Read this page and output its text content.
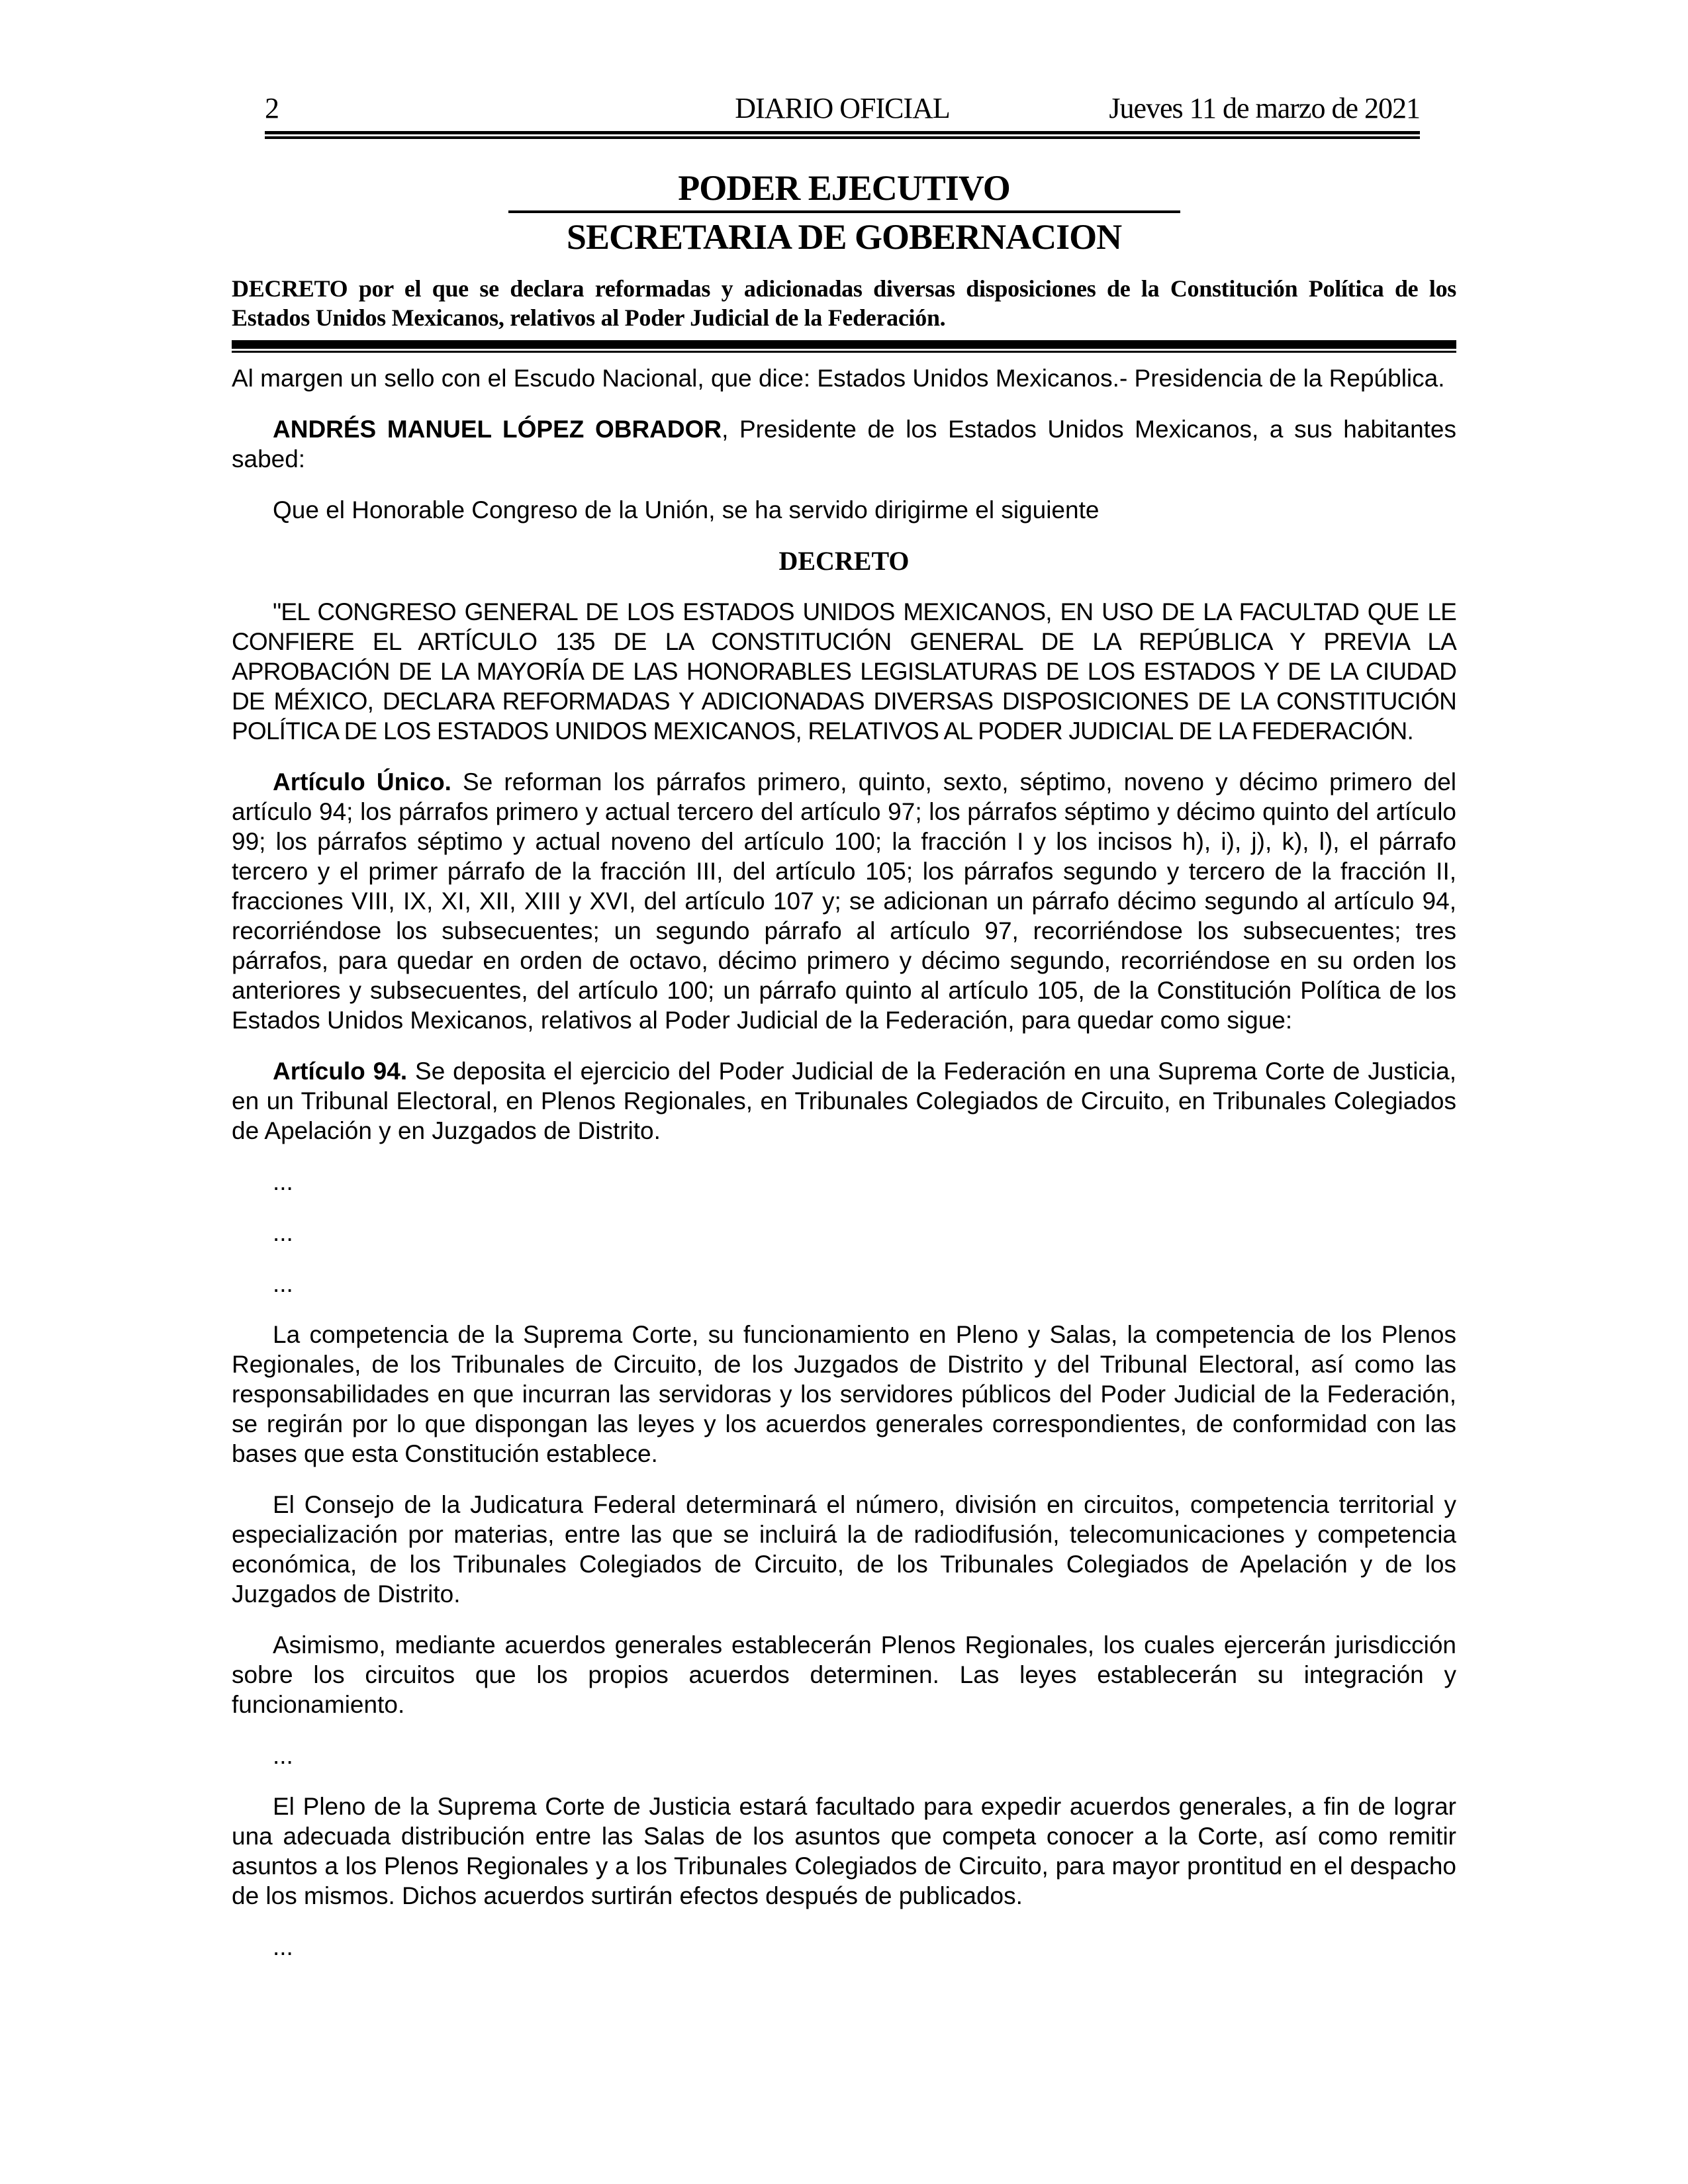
2	DIARIO OFICIAL	Jueves 11 de marzo de 2021
PODER EJECUTIVO
SECRETARIA DE GOBERNACION
DECRETO por el que se declara reformadas y adicionadas diversas disposiciones de la Constitución Política de los Estados Unidos Mexicanos, relativos al Poder Judicial de la Federación.

Al margen un sello con el Escudo Nacional, que dice: Estados Unidos Mexicanos.- Presidencia de la República.

ANDRÉS MANUEL LÓPEZ OBRADOR, Presidente de los Estados Unidos Mexicanos, a sus habitantes sabed:

Que el Honorable Congreso de la Unión, se ha servido dirigirme el siguiente

DECRETO

"EL CONGRESO GENERAL DE LOS ESTADOS UNIDOS MEXICANOS, EN USO DE LA FACULTAD QUE LE CONFIERE EL ARTÍCULO 135 DE LA CONSTITUCIÓN GENERAL DE LA REPÚBLICA Y PREVIA LA APROBACIÓN DE LA MAYORÍA DE LAS HONORABLES LEGISLATURAS DE LOS ESTADOS Y DE LA CIUDAD DE MÉXICO, DECLARA REFORMADAS Y ADICIONADAS DIVERSAS DISPOSICIONES DE LA CONSTITUCIÓN POLÍTICA DE LOS ESTADOS UNIDOS MEXICANOS, RELATIVOS AL PODER JUDICIAL DE LA FEDERACIÓN.

Artículo Único. Se reforman los párrafos primero, quinto, sexto, séptimo, noveno y décimo primero del artículo 94; los párrafos primero y actual tercero del artículo 97; los párrafos séptimo y décimo quinto del artículo 99; los párrafos séptimo y actual noveno del artículo 100; la fracción I y los incisos h), i), j), k), l), el párrafo tercero y el primer párrafo de la fracción III, del artículo 105; los párrafos segundo y tercero de la fracción II, fracciones VIII, IX, XI, XII, XIII y XVI, del artículo 107 y; se adicionan un párrafo décimo segundo al artículo 94, recorriéndose los subsecuentes; un segundo párrafo al artículo 97, recorriéndose los subsecuentes; tres párrafos, para quedar en orden de octavo, décimo primero y décimo segundo, recorriéndose en su orden los anteriores y subsecuentes, del artículo 100; un párrafo quinto al artículo 105, de la Constitución Política de los Estados Unidos Mexicanos, relativos al Poder Judicial de la Federación, para quedar como sigue:

Artículo 94. Se deposita el ejercicio del Poder Judicial de la Federación en una Suprema Corte de Justicia, en un Tribunal Electoral, en Plenos Regionales, en Tribunales Colegiados de Circuito, en Tribunales Colegiados de Apelación y en Juzgados de Distrito.

...

...

...

La competencia de la Suprema Corte, su funcionamiento en Pleno y Salas, la competencia de los Plenos Regionales, de los Tribunales de Circuito, de los Juzgados de Distrito y del Tribunal Electoral, así como las responsabilidades en que incurran las servidoras y los servidores públicos del Poder Judicial de la Federación, se regirán por lo que dispongan las leyes y los acuerdos generales correspondientes, de conformidad con las bases que esta Constitución establece.

El Consejo de la Judicatura Federal determinará el número, división en circuitos, competencia territorial y especialización por materias, entre las que se incluirá la de radiodifusión, telecomunicaciones y competencia económica, de los Tribunales Colegiados de Circuito, de los Tribunales Colegiados de Apelación y de los Juzgados de Distrito.

Asimismo, mediante acuerdos generales establecerán Plenos Regionales, los cuales ejercerán jurisdicción sobre los circuitos que los propios acuerdos determinen. Las leyes establecerán su integración y funcionamiento.

...

El Pleno de la Suprema Corte de Justicia estará facultado para expedir acuerdos generales, a fin de lograr una adecuada distribución entre las Salas de los asuntos que competa conocer a la Corte, así como remitir asuntos a los Plenos Regionales y a los Tribunales Colegiados de Circuito, para mayor prontitud en el despacho de los mismos. Dichos acuerdos surtirán efectos después de publicados.

...
